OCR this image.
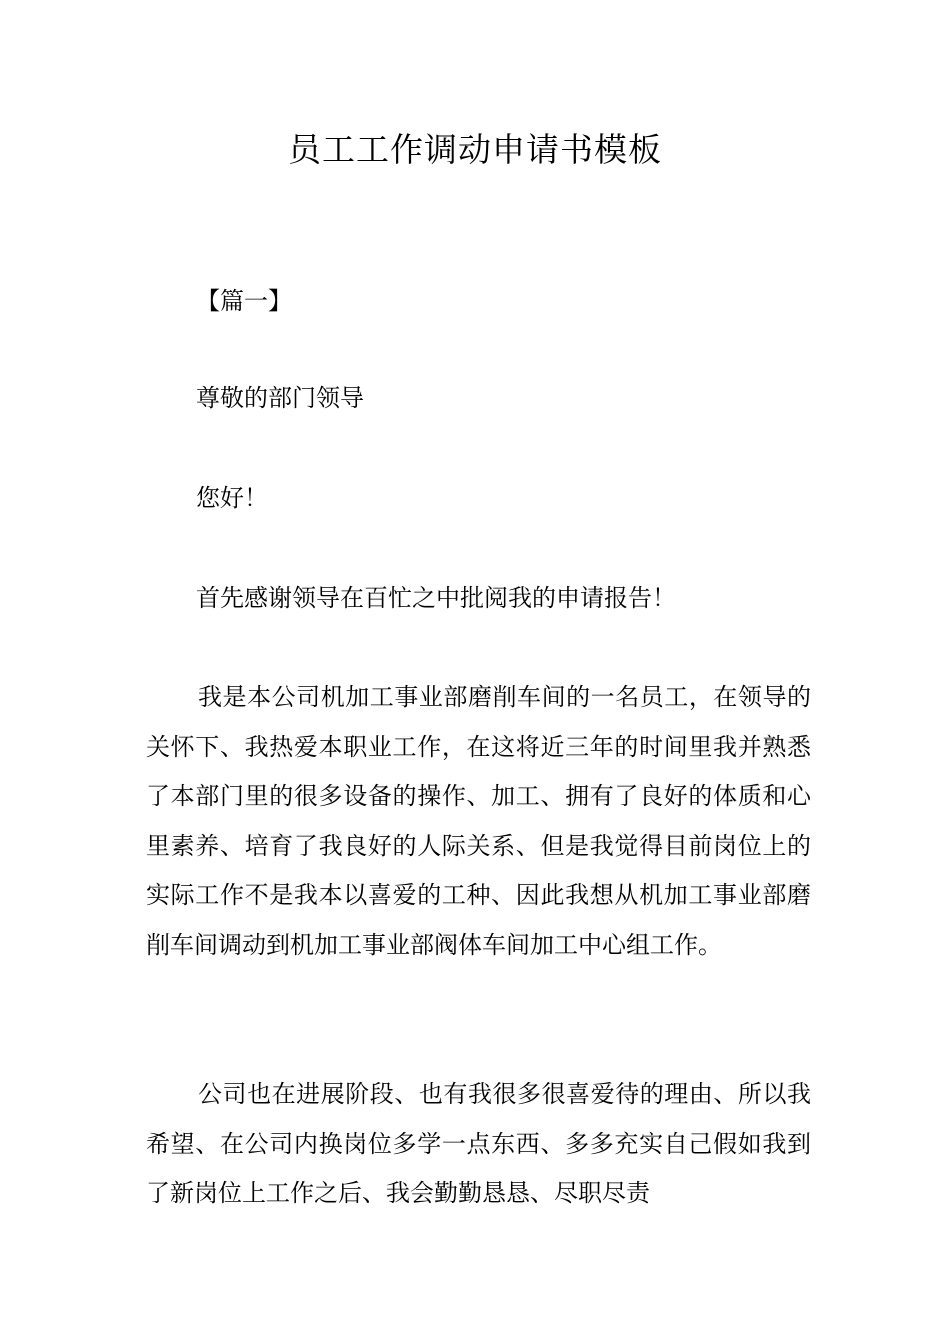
员工工作调动申请书模板

【篇一】

尊敬的部门领导

您好！

首先感谢领导在百忙之中批阅我的申请报告！

我是本公司机加工事业部磨削车间的一名员工，在领导的关怀下、我热爱本职业工作，在这将近三年的时间里我并熟悉了本部门里的很多设备的操作、加工、拥有了良好的体质和心里素养、培育了我良好的人际关系、但是我觉得目前岗位上的实际工作不是我本以喜爱的工种、因此我想从机加工事业部磨削车间调动到机加工事业部阀体车间加工中心组工作。

公司也在进展阶段、也有我很多很喜爱待的理由、所以我希望、在公司内换岗位多学一点东西、多多充实自己假如我到了新岗位上工作之后、我会勤勤恳恳、尽职尽责
